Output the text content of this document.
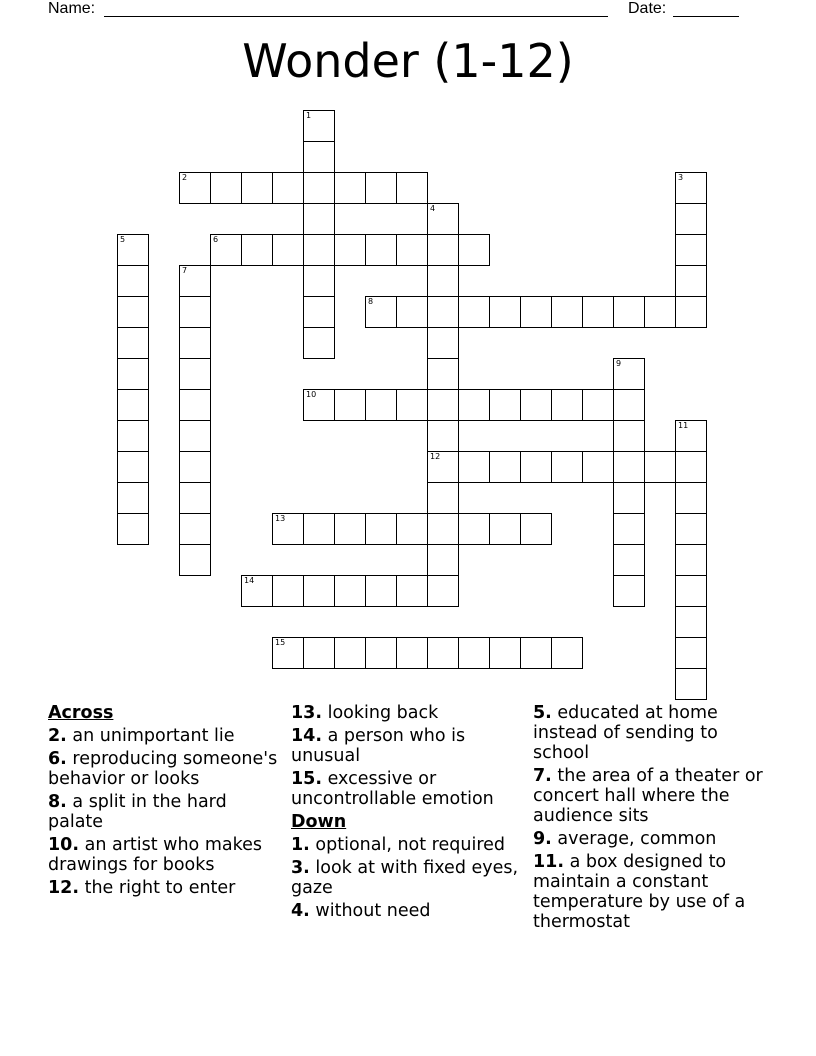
Name:	Date:
Wonder (1-12)
1
2	3
4
12
5	6
7
8
9
10
11
13
14
15
Across
2. an unimportant lie
6. reproducing someone's behavior or looks
8. a split in the hard palate
10. an artist who makes drawings for books
12. the right to enter
13. looking back
14. a person who is unusual
15. excessive or uncontrollable emotion
Down
1. optional, not required
3. look at with fixed eyes, gaze
4. without need
5. educated at home instead of sending to school
7. the area of a theater or concert hall where the audience sits
9. average, common
11. a box designed to maintain a constant temperature by use of a thermostat
